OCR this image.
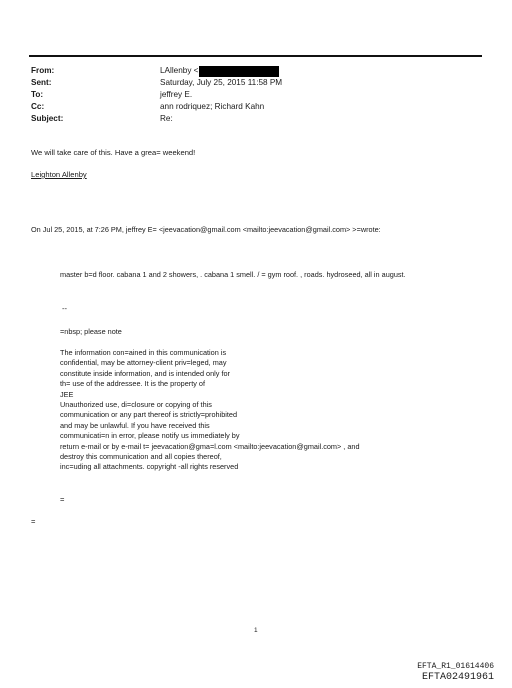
From:	LAllenby <
Sent:	Saturday, July 25, 2015 11:58 PM
To:	jeffrey E.
Cc:	ann rodriquez; Richard Kahn
Subject:	Re:
We will take care of this. Have a grea= weekend!
Leighton Allenby
On Jul 25, 2015, at 7:26 PM, jeffrey E= <jeevacation@gmail.com <mailto:jeevacation@gmail.com> >=wrote:
master b=d floor. cabana 1 and 2 showers, . cabana 1 smell. / = gym roof. , roads. hydroseed, all in august.
--
=nbsp; please note
The information con=ained in this communication is
confidential, may be attorney-client priv=leged, may
constitute inside information, and is intended only for
th= use of the addressee. It is the property of
JEE
Unauthorized use, di=closure or copying of this
communication or any part thereof is strictly=prohibited
and may be unlawful. If you have received this
communicati=n in error, please notify us immediately by
return e-mail or by e-mail t= jeevacation@gma=l.com <mailto:jeevacation@gmail.com> , and
destroy this communication and all copies thereof,
inc=uding all attachments. copyright -all rights reserved
=
=
1
EFTA_R1_01614406
EFTA02491961
